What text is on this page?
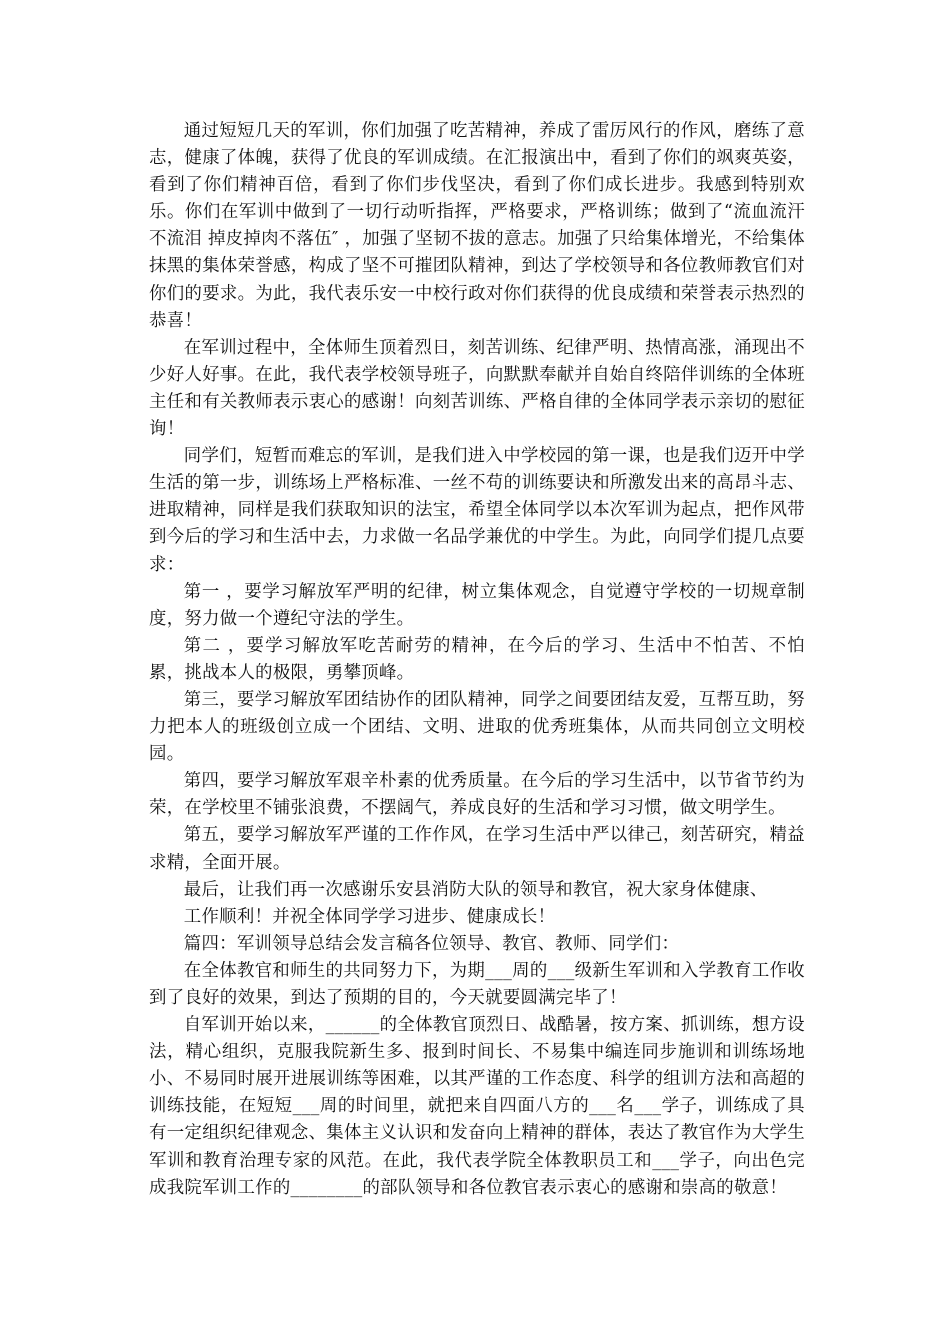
通过短短几天的军训，你们加强了吃苦精神，养成了雷厉风行的作风，磨练了意志，健康了体魄，获得了优良的军训成绩。在汇报演出中，看到了你们的飒爽英姿，看到了你们精神百倍，看到了你们步伐坚决，看到了你们成长进步。我感到特别欢乐。你们在军训中做到了一切行动听指挥，严格要求，严格训练；做到了“流血流汗不流泪 掉皮掉肉不落伍″ ，加强了坚韧不拔的意志。加强了只给集体增光，不给集体抹黑的集体荣誉感，构成了坚不可摧团队精神，到达了学校领导和各位教师教官们对你们的要求。为此，我代表乐安一中校行政对你们获得的优良成绩和荣誉表示热烈的恭喜！

在军训过程中，全体师生顶着烈日，刻苦训练、纪律严明、热情高涨，涌现出不少好人好事。在此，我代表学校领导班子，向默默奉献并自始自终陪伴训练的全体班主任和有关教师表示衷心的感谢！向刻苦训练、严格自律的全体同学表示亲切的慰征询！

同学们，短暂而难忘的军训，是我们进入中学校园的第一课，也是我们迈开中学生活的第一步，训练场上严格标准、一丝不苟的训练要诀和所激发出来的高昂斗志、进取精神，同样是我们获取知识的法宝，希望全体同学以本次军训为起点，把作风带到今后的学习和生活中去，力求做一名品学兼优的中学生。为此，向同学们提几点要求：

第一 ，要学习解放军严明的纪律，树立集体观念，自觉遵守学校的一切规章制度，努力做一个遵纪守法的学生。

第二 ，要学习解放军吃苦耐劳的精神，在今后的学习、生活中不怕苦、不怕累，挑战本人的极限，勇攀顶峰。

第三，要学习解放军团结协作的团队精神，同学之间要团结友爱，互帮互助，努力把本人的班级创立成一个团结、文明、进取的优秀班集体，从而共同创立文明校园。

第四，要学习解放军艰辛朴素的优秀质量。在今后的学习生活中，以节省节约为荣，在学校里不铺张浪费，不摆阔气，养成良好的生活和学习习惯，做文明学生。

第五，要学习解放军严谨的工作作风，在学习生活中严以律己，刻苦研究，精益求精，全面开展。

最后，让我们再一次感谢乐安县消防大队的领导和教官，祝大家身体健康、

工作顺利！并祝全体同学学习进步、健康成长！

篇四：军训领导总结会发言稿各位领导、教官、教师、同学们：

在全体教官和师生的共同努力下，为期___周的___级新生军训和入学教育工作收到了良好的效果，到达了预期的目的，今天就要圆满完毕了！

自军训开始以来，______的全体教官顶烈日、战酷暑，按方案、抓训练，想方设法，精心组织，克服我院新生多、报到时间长、不易集中编连同步施训和训练场地小、不易同时展开进展训练等困难，以其严谨的工作态度、科学的组训方法和高超的训练技能，在短短___周的时间里，就把来自四面八方的___名___学子，训练成了具有一定组织纪律观念、集体主义认识和发奋向上精神的群体，表达了教官作为大学生军训和教育治理专家的风范。在此，我代表学院全体教职员工和___学子，向出色完成我院军训工作的________的部队领导和各位教官表示衷心的感谢和崇高的敬意！
